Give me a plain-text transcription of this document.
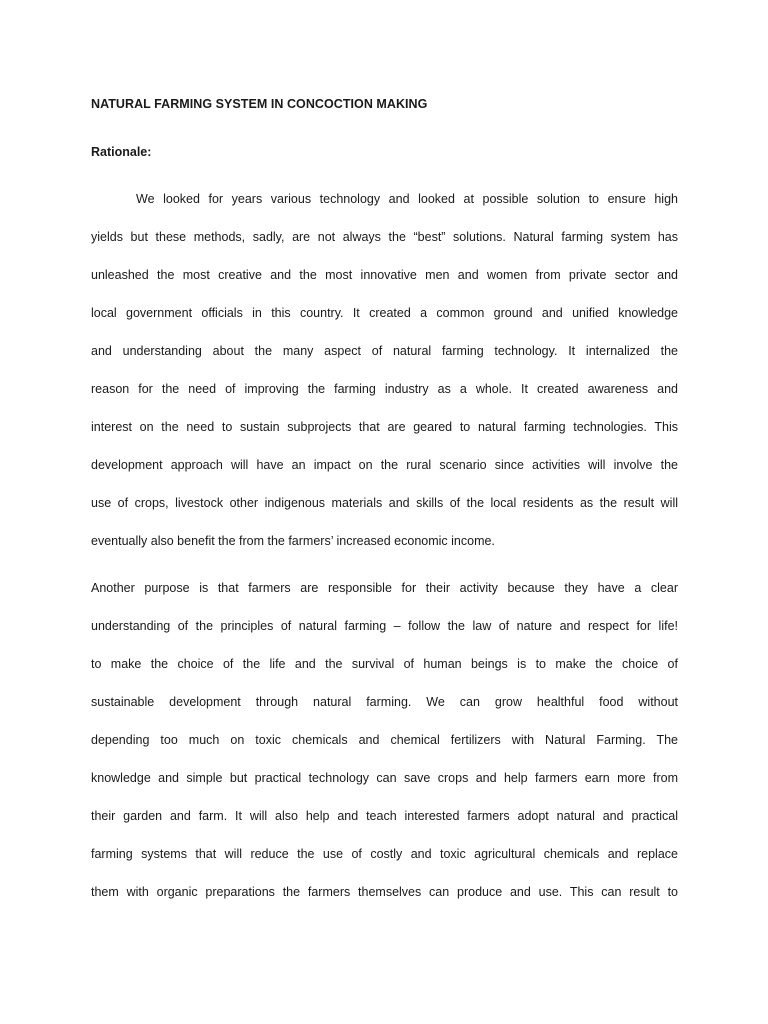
NATURAL FARMING SYSTEM IN CONCOCTION MAKING
Rationale:
We looked for years various technology and looked at possible solution to ensure high
yields but these methods, sadly, are not always the “best” solutions. Natural farming system has
unleashed the most creative and the most innovative men and women from private sector and
local government officials in this country. It created a common ground and unified knowledge
and understanding about the many aspect of natural farming technology. It internalized the
reason for the need of improving the farming industry as a whole. It created awareness and
interest on the need to sustain subprojects that are geared to natural farming technologies. This
development approach will have an impact on the rural scenario since activities will involve the
use of crops, livestock other indigenous materials and skills of the local residents as the result will
eventually also benefit the from the farmers’ increased economic income.
Another purpose is that farmers are responsible for their activity because they have a clear
understanding of the principles of natural farming – follow the law of nature and respect for life!
to make the choice of the life and the survival of human beings is to make the choice of
sustainable development through natural farming. We can grow healthful food without
depending too much on toxic chemicals and chemical fertilizers with Natural Farming. The
knowledge and simple but practical technology can save crops and help farmers earn more from
their garden and farm. It will also help and teach interested farmers adopt natural and practical
farming systems that will reduce the use of costly and toxic agricultural chemicals and replace
them with organic preparations the farmers themselves can produce and use. This can result to
